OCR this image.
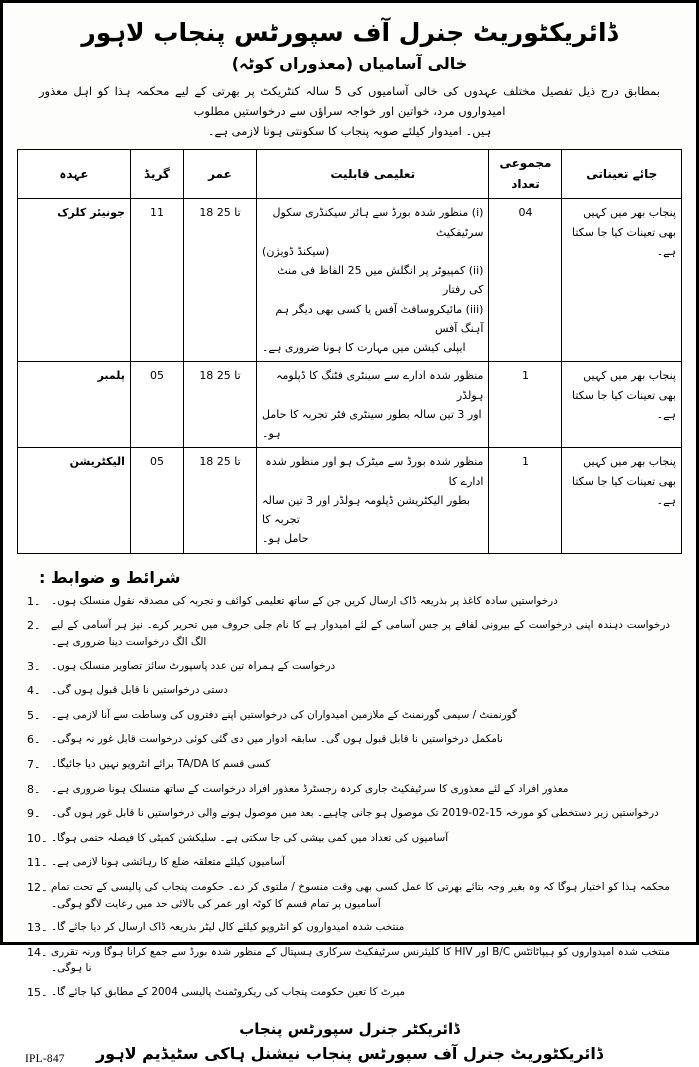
ڈائریکٹوریٹ جنرل آف سپورٹس پنجاب لاہور
خالی آسامیاں (معذوراں کوٹہ)
بمطابق درج ذیل تفصیل مختلف عہدوں کی خالی آسامیوں کی 5 سالہ کنٹریکٹ پر بھرتی کے لیے محکمہ ہذا کو اہل معذور امیدواروں مرد، خواتین اور خواجہ سراؤں سے درخواستیں مطلوب
ہیں۔ امیدوار کیلئے صوبہ پنجاب کا سکونتی ہونا لازمی ہے۔
جائے تعیناتی	مجموعی تعداد	تعلیمی قابلیت	عمر	گریڈ	عہدہ
پنجاب بھر میں کہیں بھی تعینات کیا جا سکتا ہے۔	04	(i) منظور شدہ بورڈ سے ہائر سیکنڈری سکول سرٹیفکیٹ
(سیکنڈ ڈویژن)
(ii) کمپیوٹر پر انگلش میں 25 الفاظ فی منٹ کی رفتار
(iii) مائیکروسافٹ آفس یا کسی بھی دیگر ہم آہنگ آفس
ایپلی کیشن میں مہارت کا ہونا ضروری ہے۔	18 تا 25	11	جونیئر کلرک
پنجاب بھر میں کہیں بھی تعینات کیا جا سکتا ہے۔	1	منظور شدہ ادارے سے سینٹری فٹنگ کا ڈپلومہ ہولڈر
اور 3 تین سالہ بطور سینٹری فٹر تجربہ کا حامل ہو۔	18 تا 25	05	پلمبر
پنجاب بھر میں کہیں بھی تعینات کیا جا سکتا ہے۔	1	منظور شدہ بورڈ سے میٹرک ہو اور منظور شدہ ادارے کا
بطور الیکٹریشن ڈپلومہ ہولڈر اور 3 تین سالہ تجربہ کا
حامل ہو۔	18 تا 25	05	الیکٹریشن
شرائط و ضوابط :
1۔	درخواستیں سادہ کاغذ پر بذریعہ ڈاک ارسال کریں جن کے ساتھ تعلیمی کوائف و تجربہ کی مصدقہ نقول منسلک ہوں۔
2۔	درخواست دہندہ اپنی درخواست کے بیرونی لفافے پر جس آسامی کے لئے امیدوار ہے کا نام جلی حروف میں تحریر کرے۔ نیز ہر آسامی کے لیے الگ الگ درخواست دینا ضروری ہے۔
3۔	درخواست کے ہمراہ تین عدد پاسپورٹ سائز تصاویر منسلک ہوں۔
4۔	دستی درخواستیں نا قابل قبول ہوں گی۔
5۔	گورنمنٹ / سیمی گورنمنٹ کے ملازمین امیدواران کی درخواستیں اپنے دفتروں کی وساطت سے آنا لازمی ہے۔
6۔	نامکمل درخواستیں نا قابل قبول ہوں گی۔ سابقہ ادوار میں دی گئی کوئی درخواست قابل غور نہ ہوگی۔
7۔	کسی قسم کا TA/DA برائے انٹرویو نہیں دیا جائیگا۔
8۔	معذور افراد کے لئے معذوری کا سرٹیفکیٹ جاری کردہ رجسٹرڈ معذور افراد درخواست کے ساتھ منسلک ہونا ضروری ہے۔
9۔	درخواستیں زیر دستخطی کو مورخہ 15-02-2019 تک موصول ہو جانی چاہیے۔ بعد میں موصول ہونے والی درخواستیں نا قابل غور ہوں گی۔
10۔ آسامیوں کی تعداد میں کمی بیشی کی جا سکتی ہے۔ سلیکشن کمیٹی کا فیصلہ حتمی ہوگا۔
11۔ آسامیوں کیلئے متعلقہ ضلع کا رہائشی ہونا لازمی ہے۔
12۔ محکمہ ہذا کو اختیار ہوگا کہ وہ بغیر وجہ بتائے بھرتی کا عمل کسی بھی وقت منسوخ / ملتوی کر دے۔ حکومت پنجاب کی پالیسی کے تحت تمام آسامیوں پر تمام قسم کا کوٹہ اور عمر کی بالائی حد میں رعایت لاگو ہوگی۔
13۔ منتخب شدہ امیدواروں کو انٹرویو کیلئے کال لیٹر بذریعہ ڈاک ارسال کر دیا جائے گا۔
14۔ منتخب شدہ امیدواروں کو ہیپاٹائٹس B/C اور HIV کا کلیئرنس سرٹیفکیٹ سرکاری ہسپتال کے منظور شدہ بورڈ سے جمع کرانا ہوگا ورنہ تقرری نا ہوگی۔
15۔ میرٹ کا تعین حکومت پنجاب کی ریکروٹمنٹ پالیسی 2004 کے مطابق کیا جائے گا۔
ڈائریکٹر جنرل سپورٹس پنجاب
ڈائریکٹوریٹ جنرل آف سپورٹس پنجاب نیشنل ہاکی سٹیڈیم لاہور
IPL-847
